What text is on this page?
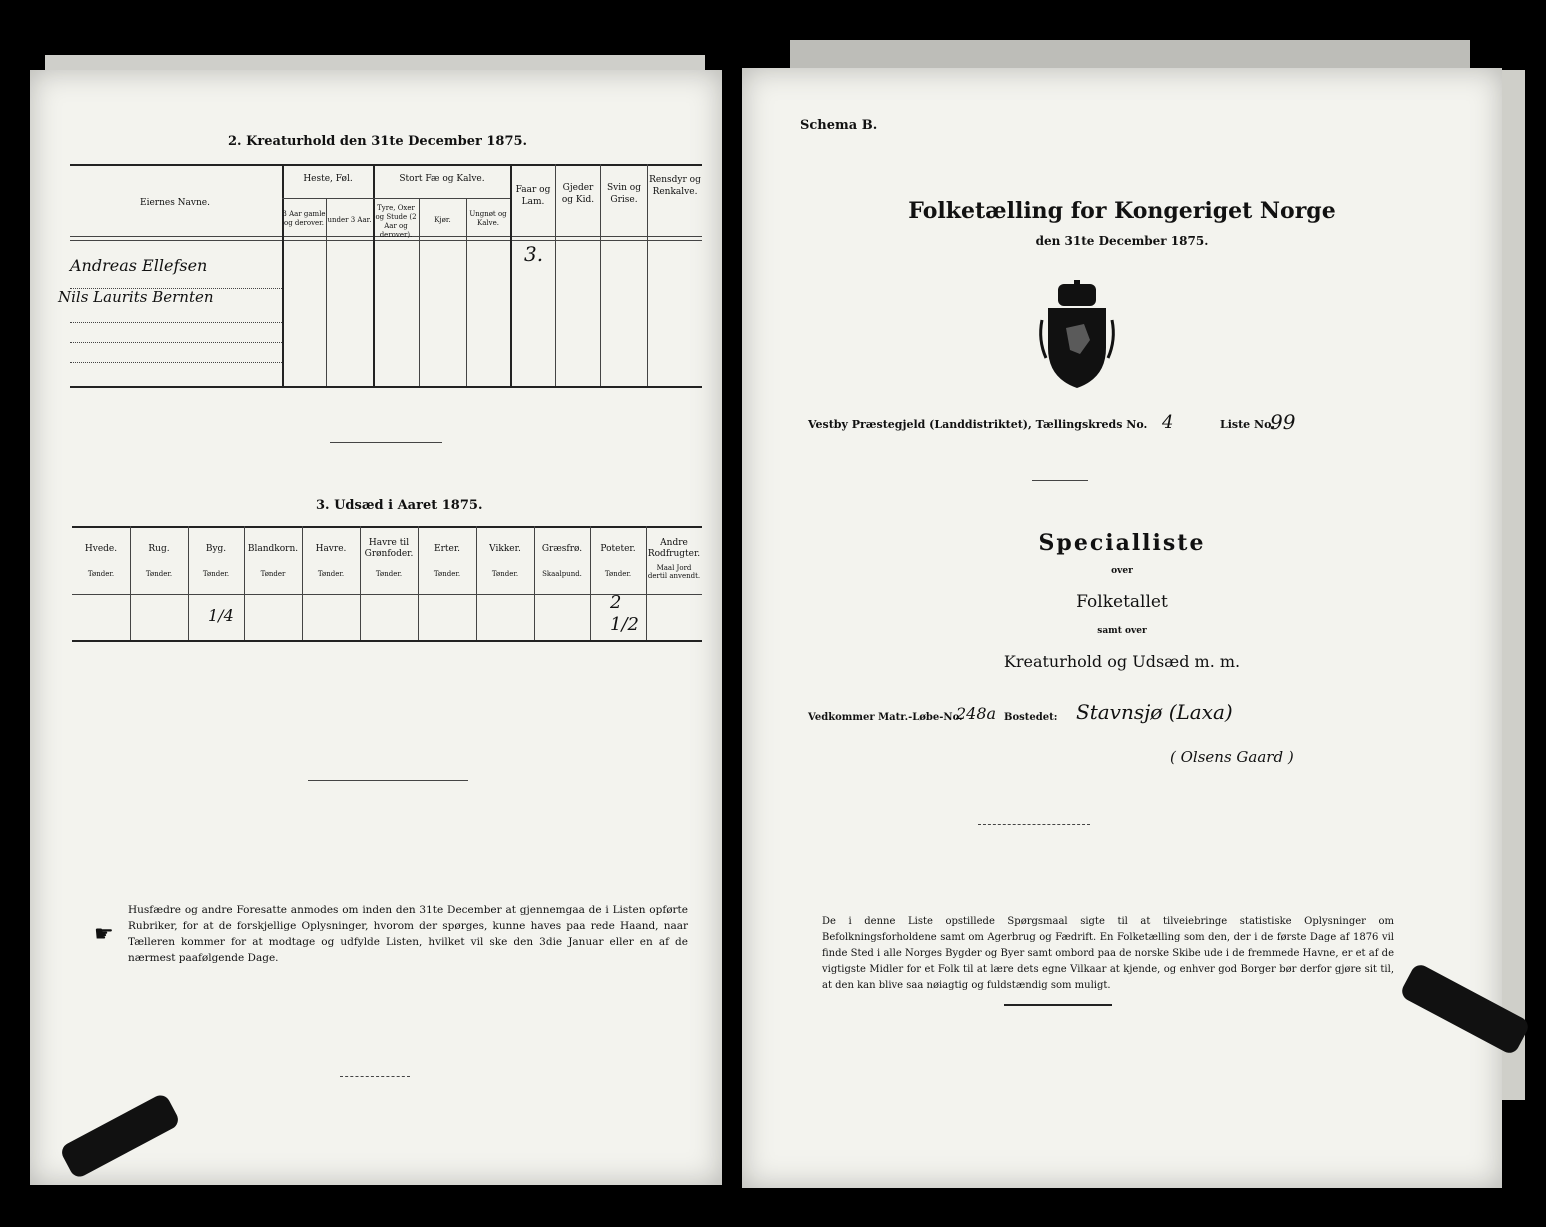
2. Kreaturhold den 31te December 1875.
Eiernes Navne.
Heste, Føl.
3 Aar gamle og derover. under 3 Aar.
Stort Fæ og Kalve.
Tyre, Oxer og Stude (2 Aar og derover).
Kjør.
Ungnøt og Kalve.
Faar og Lam.
Gjeder og Kid.
Svin og Grise.
Rensdyr og Renkalve.
Andreas Ellefsen	3.
Nils Laurits Bernten
3. Udsæd i Aaret 1875.
1/4
2 1/2
☛
Husfædre og andre Foresatte anmodes om inden den 31te December at gjennemgaa de i Listen opførte Rubriker, for at de forskjellige Oplysninger, hvorom der spørges, kunne haves paa rede Haand, naar Tælleren kommer for at modtage og udfylde Listen, hvilket vil ske den 3die Januar eller en af de nærmest paafølgende Dage.
Hvede.
Tønder.
Rug.
Tønder.
Byg.
Tønder.
Blandkorn.
Tønder
Havre.
Tønder.
Havre til Grønfoder.
Tønder.
Erter.
Tønder.
Vikker.
Tønder.
Græsfrø.
Skaalpund.
Poteter.
Tønder.
Andre Rodfrugter.
Maal Jord dertil anvendt.
Schema B.
Folketælling for Kongeriget Norge
den 31te December 1875.
Vestby Præstegjeld (Landdistriktet), Tællingskreds No. 4	Liste No.
99
Specialliste
over
Folketallet
samt over
Kreaturhold og Udsæd m. m.
Vedkommer Matr.-Løbe-No.
248a Bostedet: Stavnsjø (Laxa)
( Olsens Gaard )
De i denne Liste opstillede Spørgsmaal sigte til at tilveiebringe statistiske Oplysninger om Befolkningsforholdene samt om Agerbrug og Fædrift. En Folketælling som den, der i de første Dage af 1876 vil finde Sted i alle Norges Bygder og Byer samt ombord paa de norske Skibe ude i de fremmede Havne, er et af de vigtigste Midler for et Folk til at lære dets egne Vilkaar at kjende, og enhver god Borger bør derfor gjøre sit til, at den kan blive saa nøiagtig og fuldstændig som muligt.
